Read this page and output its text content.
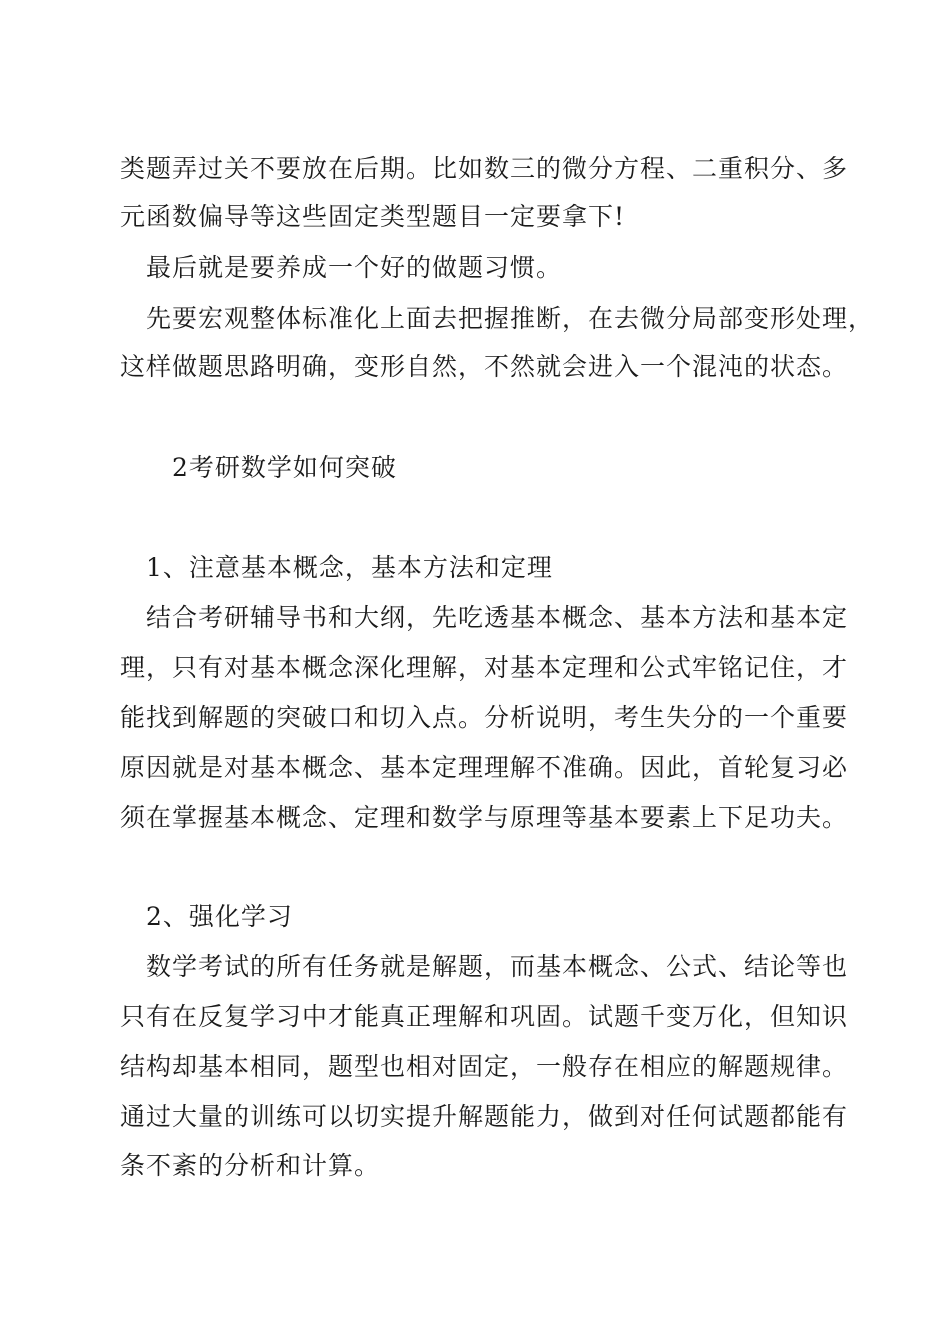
类题弄过关不要放在后期。比如数三的微分方程、二重积分、多
元函数偏导等这些固定类型题目一定要拿下!
最后就是要养成一个好的做题习惯。
先要宏观整体标准化上面去把握推断，在去微分局部变形处理，
这样做题思路明确，变形自然，不然就会进入一个混沌的状态。
2考研数学如何突破
1、注意基本概念，基本方法和定理
结合考研辅导书和大纲，先吃透基本概念、基本方法和基本定
理，只有对基本概念深化理解，对基本定理和公式牢铭记住，才
能找到解题的突破口和切入点。分析说明，考生失分的一个重要
原因就是对基本概念、基本定理理解不准确。因此，首轮复习必
须在掌握基本概念、定理和数学与原理等基本要素上下足功夫。
2、强化学习
数学考试的所有任务就是解题，而基本概念、公式、结论等也
只有在反复学习中才能真正理解和巩固。试题千变万化，但知识
结构却基本相同，题型也相对固定，一般存在相应的解题规律。
通过大量的训练可以切实提升解题能力，做到对任何试题都能有
条不紊的分析和计算。
